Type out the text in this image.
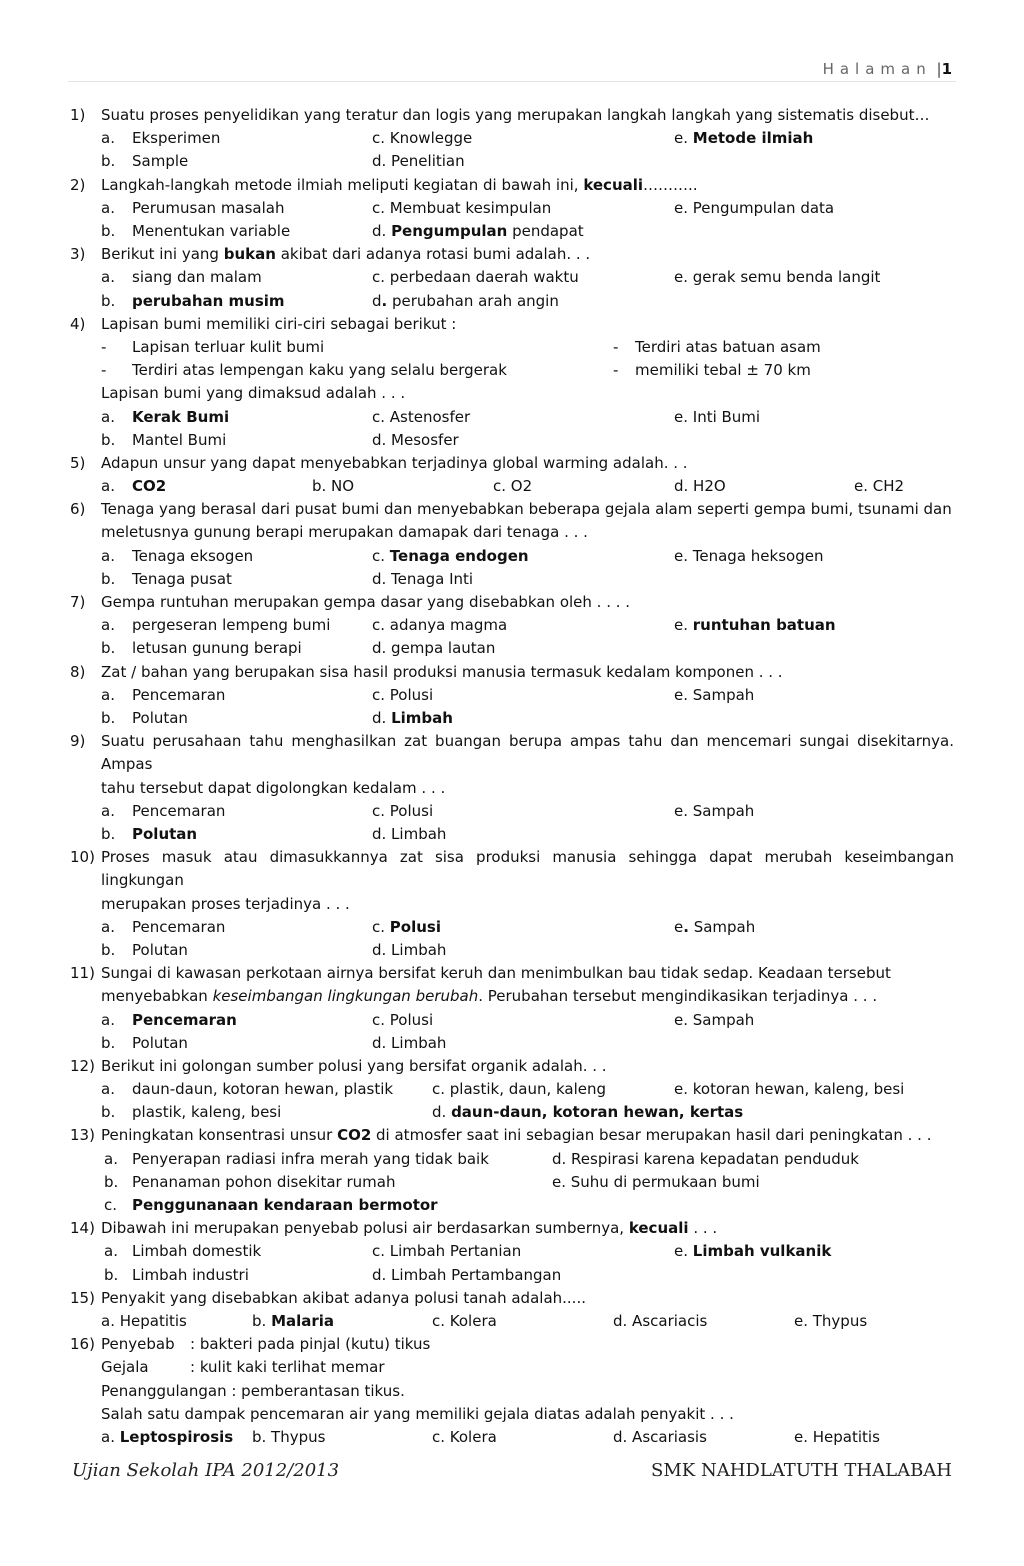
Halaman |1
1)	Suatu proses penyelidikan yang teratur dan logis yang merupakan langkah langkah yang sistematis disebut…
a. Eksperimen	c. Knowlegge	e. Metode ilmiah
b. Sample	d. Penelitian
2)	Langkah-langkah metode ilmiah meliputi kegiatan di bawah ini, kecuali………..
a. Perumusan masalah	c. Membuat kesimpulan	e. Pengumpulan data
b. Menentukan variable	d. Pengumpulan pendapat
3)	Berikut ini yang bukan akibat dari adanya rotasi bumi adalah. . .
a. siang dan malam	c. perbedaan daerah waktu	e. gerak semu benda langit
b. perubahan musim	d. perubahan arah angin
4)	Lapisan bumi memiliki ciri-ciri sebagai berikut :
- Lapisan terluar kulit bumi	- Terdiri atas batuan asam
- Terdiri atas lempengan kaku yang selalu bergerak	- memiliki tebal ± 70 km
Lapisan bumi yang dimaksud adalah . . .
a. Kerak Bumi	c. Astenosfer	e. Inti Bumi
b. Mantel Bumi	d. Mesosfer
5)	Adapun unsur yang dapat menyebabkan terjadinya global warming adalah. . .
a. CO2	b. NO	c. O2	d. H2O	e. CH2
6)	Tenaga yang berasal dari pusat bumi dan menyebabkan beberapa gejala alam seperti gempa bumi, tsunami dan
meletusnya gunung berapi merupakan damapak dari tenaga . . .
a. Tenaga eksogen	c. Tenaga endogen	e. Tenaga heksogen
b. Tenaga pusat	d. Tenaga Inti
7)	Gempa runtuhan merupakan gempa dasar yang disebabkan oleh . . . .
a. pergeseran lempeng bumi	c. adanya magma	e. runtuhan batuan
b. letusan gunung berapi	d. gempa lautan
8)	Zat / bahan yang berupakan sisa hasil produksi manusia termasuk kedalam komponen . . .
a. Pencemaran	c. Polusi	e. Sampah
b. Polutan	d. Limbah
9)	Suatu perusahaan tahu menghasilkan zat buangan berupa ampas tahu dan mencemari sungai disekitarnya. Ampas
tahu tersebut dapat digolongkan kedalam . . .
a. Pencemaran	c. Polusi	e. Sampah
b. Polutan	d. Limbah
10) Proses masuk atau dimasukkannya zat sisa produksi manusia sehingga dapat merubah keseimbangan lingkungan
merupakan proses terjadinya . . .
a. Pencemaran	c. Polusi	e. Sampah
b. Polutan	d. Limbah
11) Sungai di kawasan perkotaan airnya bersifat keruh dan menimbulkan bau tidak sedap. Keadaan tersebut
menyebabkan keseimbangan lingkungan berubah. Perubahan tersebut mengindikasikan terjadinya . . .
a. Pencemaran	c. Polusi	e. Sampah
b. Polutan	d. Limbah
12) Berikut ini golongan sumber polusi yang bersifat organik adalah. . .
a. daun-daun, kotoran hewan, plastik	c. plastik, daun, kaleng	e. kotoran hewan, kaleng, besi
b. plastik, kaleng, besi	d. daun-daun, kotoran hewan, kertas
13) Peningkatan konsentrasi unsur CO2 di atmosfer saat ini sebagian besar merupakan hasil dari peningkatan . . .
a. Penyerapan radiasi infra merah yang tidak baik	d. Respirasi karena kepadatan penduduk
b. Penanaman pohon disekitar rumah	e. Suhu di permukaan bumi
c. Penggunanaan kendaraan bermotor
14) Dibawah ini merupakan penyebab polusi air berdasarkan sumbernya, kecuali . . .
a. Limbah domestik	c. Limbah Pertanian	e. Limbah vulkanik
b. Limbah industri	d. Limbah Pertambangan
15) Penyakit yang disebabkan akibat adanya polusi tanah adalah.....
a. Hepatitis	b. Malaria	c. Kolera	d. Ascariacis	e. Thypus
16) Penyebab : bakteri pada pinjal (kutu) tikus
Gejala	: kulit kaki terlihat memar
Penanggulangan : pemberantasan tikus.
Salah satu dampak pencemaran air yang memiliki gejala diatas adalah penyakit . . .
a. Leptospirosis b. Thypus	c. Kolera	d. Ascariasis	e. Hepatitis
Ujian Sekolah IPA 2012/2013	SMK NAHDLATUTH THALABAH
